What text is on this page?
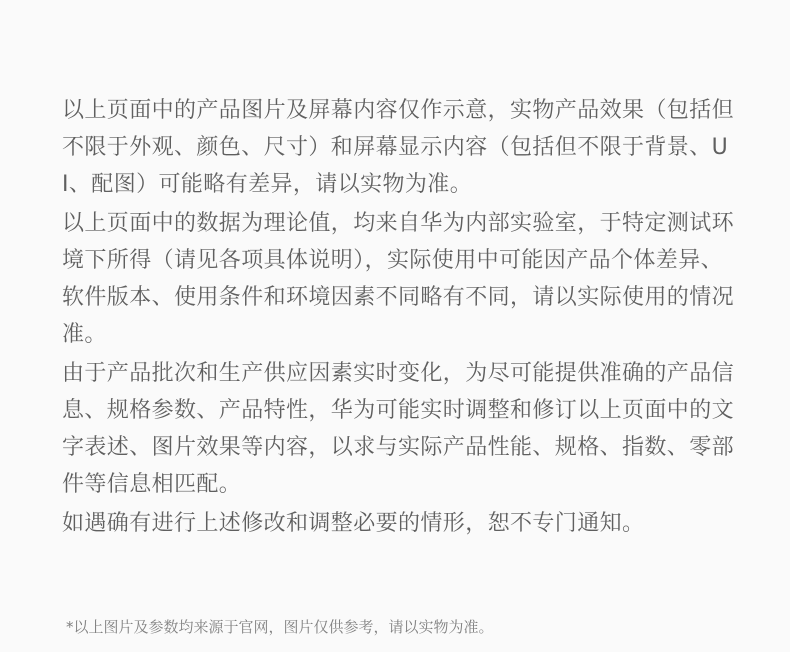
以上页面中的产品图片及屏幕内容仅作示意，实物产品效果（包括但不限于外观、颜色、尺寸）和屏幕显示内容（包括但不限于背景、UI、配图）可能略有差异，请以实物为准。

以上页面中的数据为理论值，均来自华为内部实验室，于特定测试环境下所得（请见各项具体说明），实际使用中可能因产品个体差异、软件版本、使用条件和环境因素不同略有不同，请以实际使用的情况准。

由于产品批次和生产供应因素实时变化，为尽可能提供准确的产品信息、规格参数、产品特性，华为可能实时调整和修订以上页面中的文字表述、图片效果等内容，以求与实际产品性能、规格、指数、零部件等信息相匹配。

如遇确有进行上述修改和调整必要的情形，恕不专门通知。

*以上图片及参数均来源于官网，图片仅供参考，请以实物为准。
